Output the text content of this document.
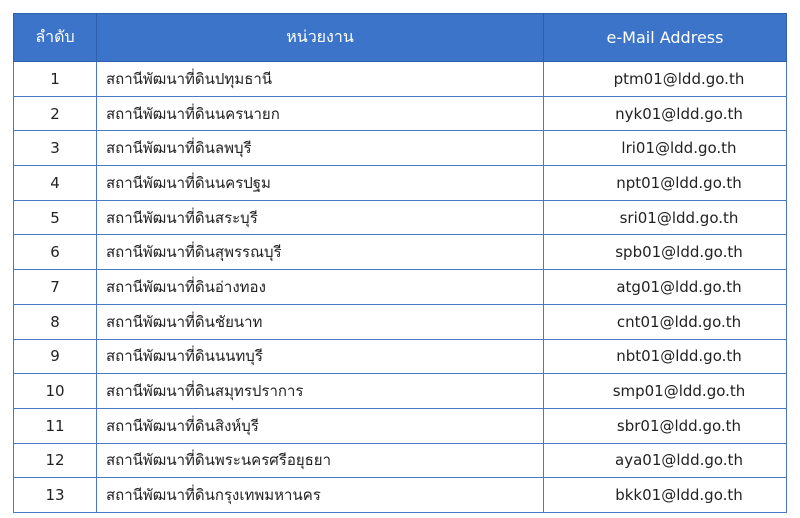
ลำดับ	หน่วยงาน	e-Mail Address
1	สถานีพัฒนาที่ดินปทุมธานี	ptm01@ldd.go.th
2	สถานีพัฒนาที่ดินนครนายก	nyk01@ldd.go.th
3	สถานีพัฒนาที่ดินลพบุรี	lri01@ldd.go.th
4	สถานีพัฒนาที่ดินนครปฐม	npt01@ldd.go.th
5	สถานีพัฒนาที่ดินสระบุรี	sri01@ldd.go.th
6	สถานีพัฒนาที่ดินสุพรรณบุรี	spb01@ldd.go.th
7	สถานีพัฒนาที่ดินอ่างทอง	atg01@ldd.go.th
8	สถานีพัฒนาที่ดินชัยนาท	cnt01@ldd.go.th
9	สถานีพัฒนาที่ดินนนทบุรี	nbt01@ldd.go.th
10	สถานีพัฒนาที่ดินสมุทรปราการ	smp01@ldd.go.th
11	สถานีพัฒนาที่ดินสิงห์บุรี	sbr01@ldd.go.th
12	สถานีพัฒนาที่ดินพระนครศรีอยุธยา	aya01@ldd.go.th
13	สถานีพัฒนาที่ดินกรุงเทพมหานคร	bkk01@ldd.go.th
